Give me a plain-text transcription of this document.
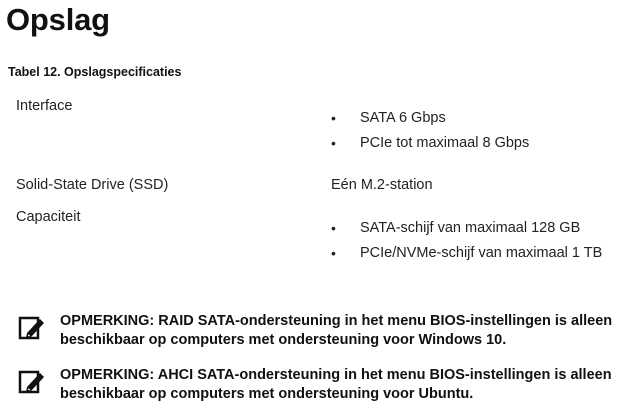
Opslag

Tabel 12. Opslagspecificaties

Interface
• SATA 6 Gbps
• PCIe tot maximaal 8 Gbps
Solid-State Drive (SSD)	Eén M.2-station
Capaciteit
• SATA-schijf van maximaal 128 GB
• PCIe/NVMe-schijf van maximaal 1 TB
OPMERKING: RAID SATA-ondersteuning in het menu BIOS-instellingen is alleen beschikbaar op computers met ondersteuning voor Windows 10.
OPMERKING: AHCI SATA-ondersteuning in het menu BIOS-instellingen is alleen beschikbaar op computers met ondersteuning voor Ubuntu.
